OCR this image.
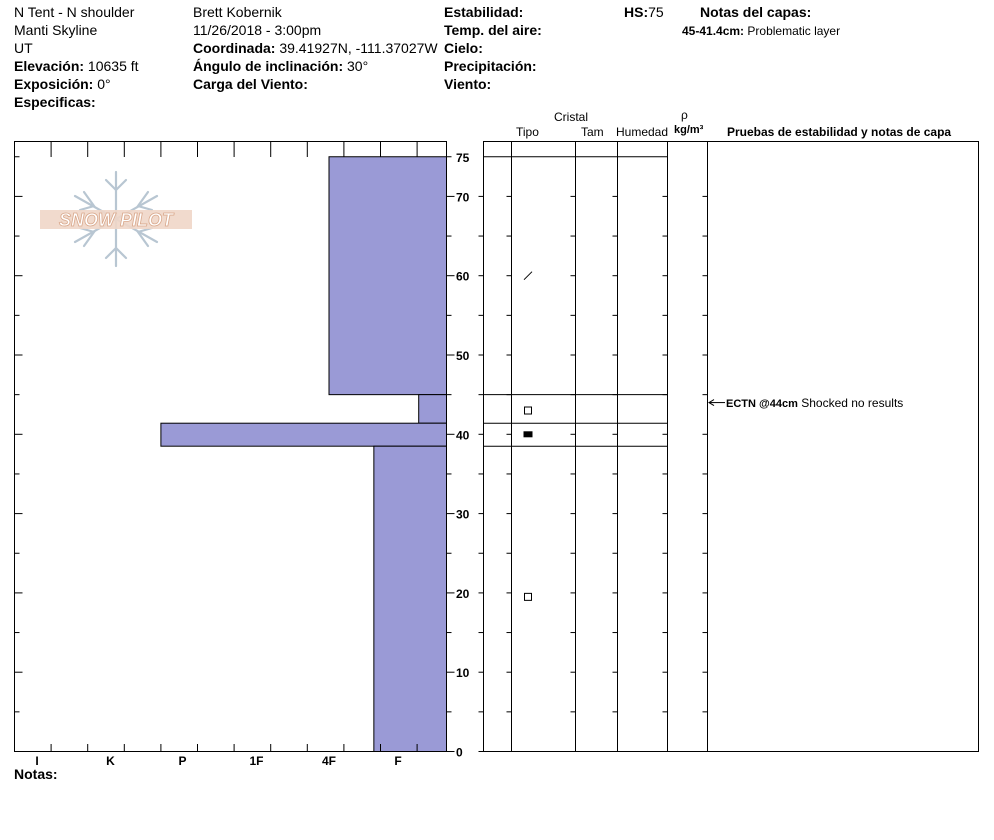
N Tent - N shoulder
Manti Skyline
UT
Elevación: 10635 ft
Exposición: 0°
Especificas:
Brett Kobernik
11/26/2018 - 3:00pm
Coordinada: 39.41927N, -111.37027W
Ángulo de inclinación: 30°
Carga del Viento:
Estabilidad:
Temp. del aire:
Cielo:
Precipitación:
Viento:
HS:75	Notas del capas:
45-41.4cm: Problematic layer
Cristal
Tipo	Tam Humedad
ρ
kg/m³ Pruebas de estabilidad y notas de capa
ECTN @44cm Shocked no results
Notas:
SNOW PILOT
I	K	P	1F	4F	F
0
10
20
30
40
50
60
70
75
